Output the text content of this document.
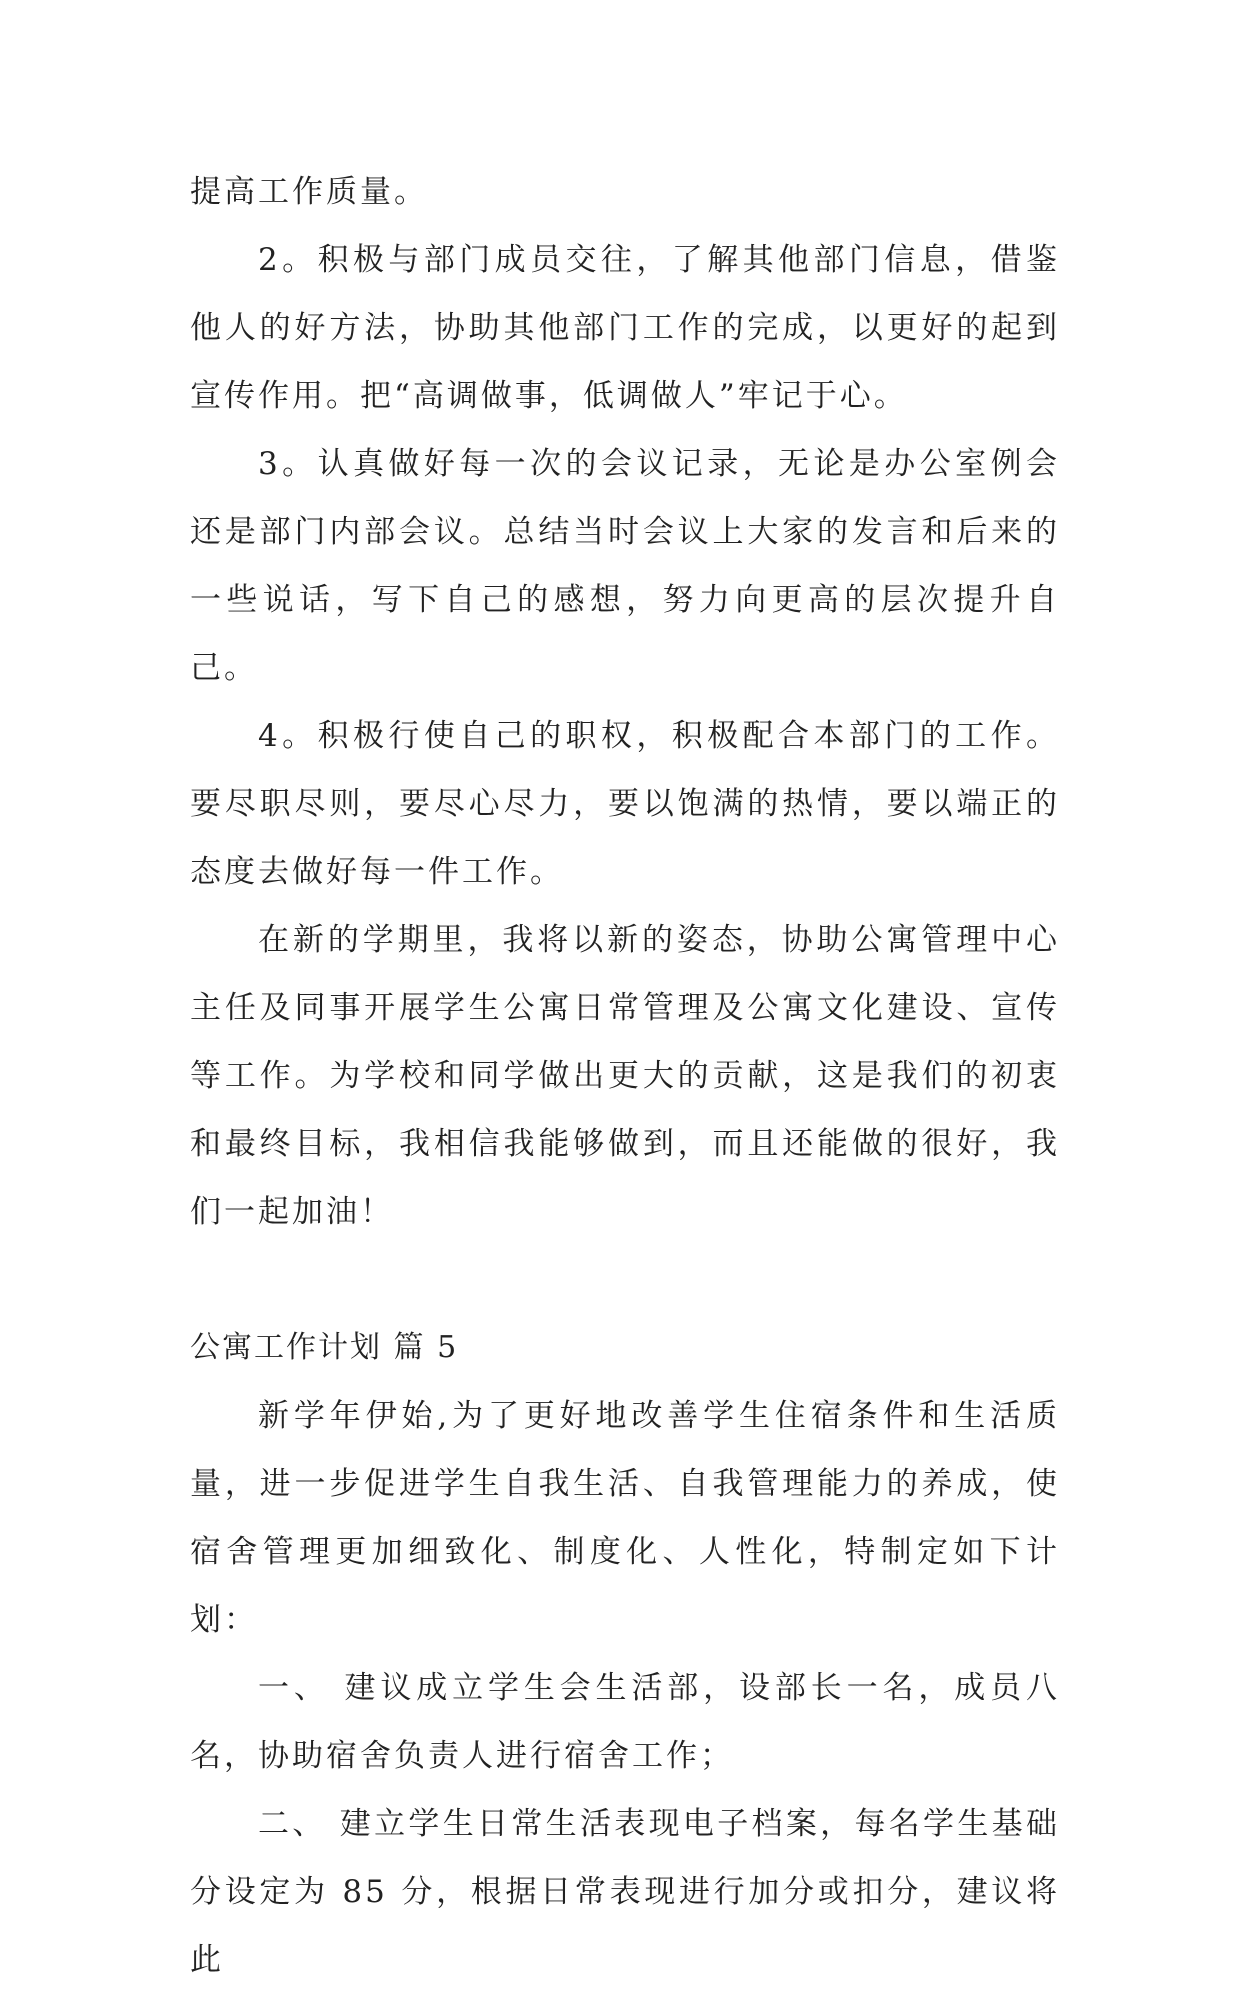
提高工作质量。

2。积极与部门成员交往，了解其他部门信息，借鉴他人的好方法，协助其他部门工作的完成，以更好的起到宣传作用。把“高调做事，低调做人”牢记于心。

3。认真做好每一次的会议记录，无论是办公室例会还是部门内部会议。总结当时会议上大家的发言和后来的一些说话，写下自己的感想，努力向更高的层次提升自己。

4。积极行使自己的职权，积极配合本部门的工作。要尽职尽则，要尽心尽力，要以饱满的热情，要以端正的态度去做好每一件工作。

在新的学期里，我将以新的姿态，协助公寓管理中心主任及同事开展学生公寓日常管理及公寓文化建设、宣传等工作。为学校和同学做出更大的贡献，这是我们的初衷和最终目标，我相信我能够做到，而且还能做的很好，我们一起加油！

公寓工作计划 篇 5

新学年伊始,为了更好地改善学生住宿条件和生活质量，进一步促进学生自我生活、自我管理能力的养成，使宿舍管理更加细致化、制度化、人性化，特制定如下计划：

一、 建议成立学生会生活部，设部长一名，成员八名，协助宿舍负责人进行宿舍工作；

二、 建立学生日常生活表现电子档案，每名学生基础分设定为 85 分，根据日常表现进行加分或扣分，建议将此
